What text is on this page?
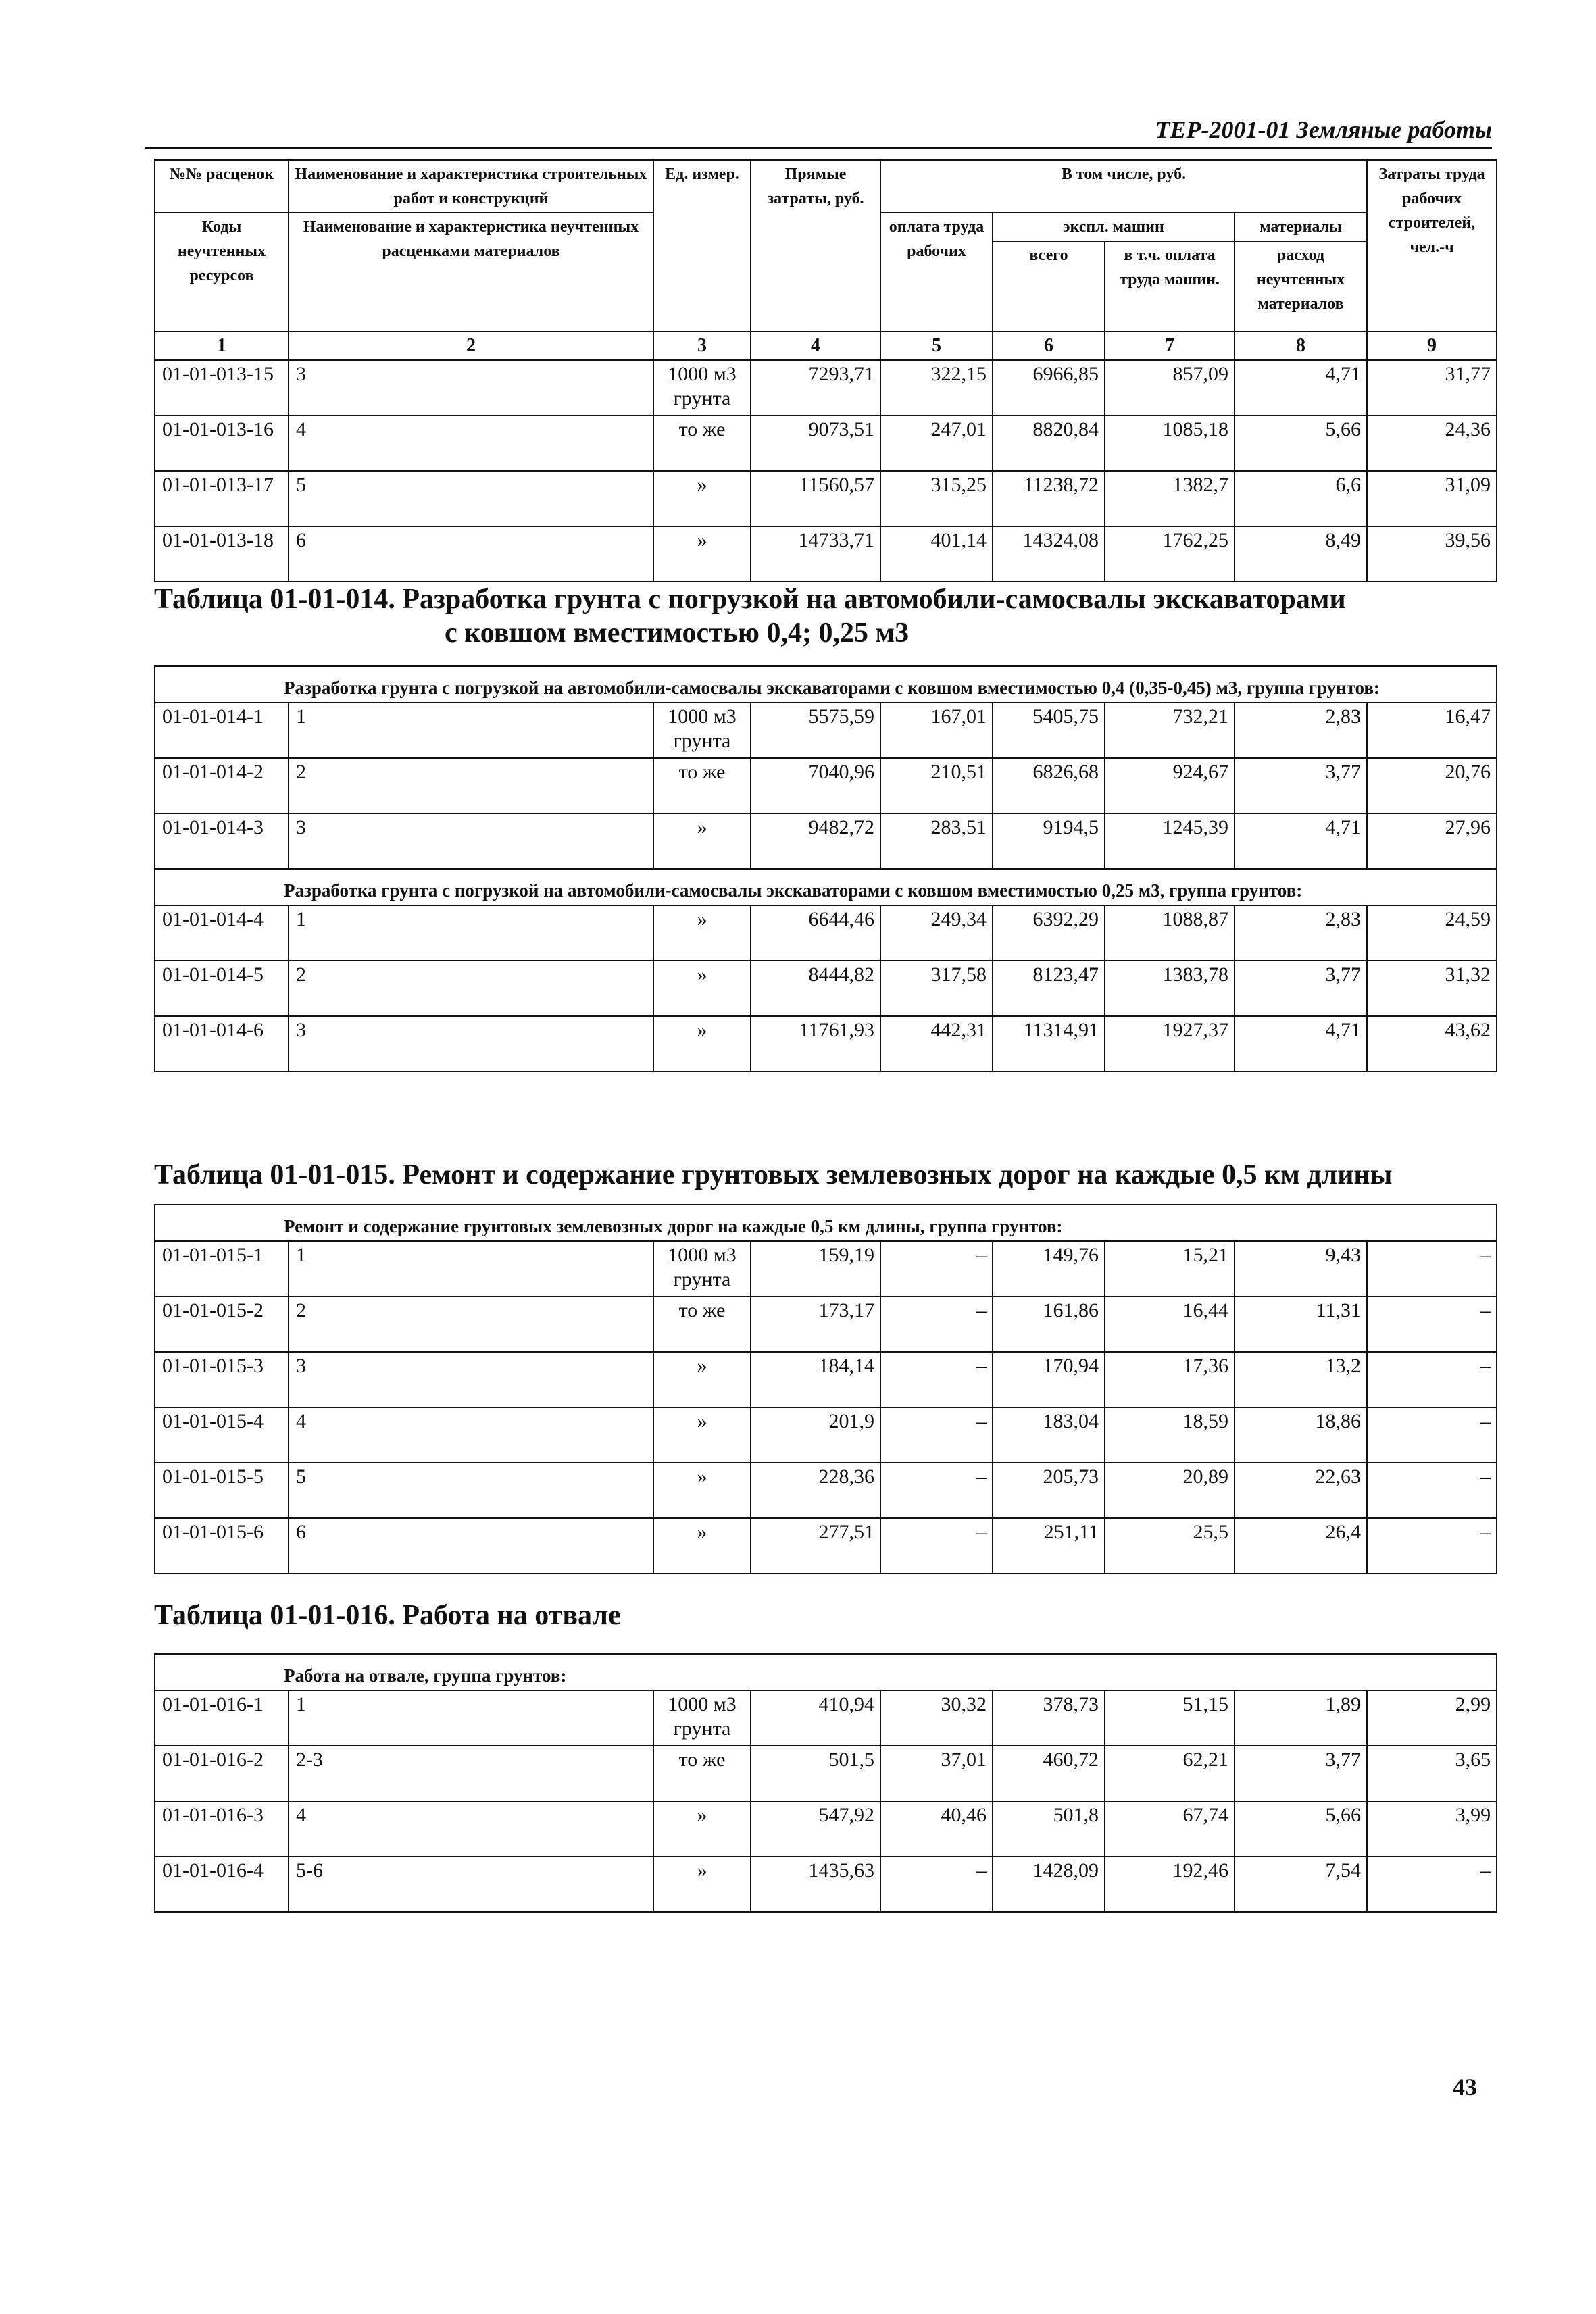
ТЕР-2001-01 Земляные работы
№№ расценок	Наименование и характеристика строительных работ и конструкций	Ед. измер.	Прямые затраты, руб.	В том числе, руб.				Затраты труда рабочих строителей, чел.-ч
Коды неучтенных ресурсов	Наименование и характеристика неучтенных расценками материалов			оплата труда рабочих	экспл. машин		материалы	
					всего	в т.ч. оплата труда машин.	расход неучтенных материалов	

1	2	3	4	5	6	7	8	9
01-01-013-15	3	1000 м3 грунта	7293,71	322,15	6966,85	857,09	4,71	31,77
01-01-013-16	4	то же	9073,51	247,01	8820,84	1085,18	5,66	24,36
01-01-013-17	5	»	11560,57	315,25	11238,72	1382,7	6,6	31,09
01-01-013-18	6	»	14733,71	401,14	14324,08	1762,25	8,49	39,56
Таблица 01-01-014. Разработка грунта с погрузкой на автомобили-самосвалы экскаваторами
с ковшом вместимостью 0,4; 0,25 м3
Разработка грунта с погрузкой на автомобили-самосвалы экскаваторами с ковшом вместимостью 0,4 (0,35-0,45) м3, группа грунтов:								
01-01-014-1	1	1000 м3 грунта	5575,59	167,01	5405,75	732,21	2,83	16,47
01-01-014-2	2	то же	7040,96	210,51	6826,68	924,67	3,77	20,76
01-01-014-3	3	»	9482,72	283,51	9194,5	1245,39	4,71	27,96
Разработка грунта с погрузкой на автомобили-самосвалы экскаваторами с ковшом вместимостью 0,25 м3, группа грунтов:								
01-01-014-4	1	»	6644,46	249,34	6392,29	1088,87	2,83	24,59
01-01-014-5	2	»	8444,82	317,58	8123,47	1383,78	3,77	31,32
01-01-014-6	3	»	11761,93	442,31	11314,91	1927,37	4,71	43,62
Таблица 01-01-015. Ремонт и содержание грунтовых землевозных дорог на каждые 0,5 км длины
Ремонт и содержание грунтовых землевозных дорог на каждые 0,5 км длины, группа грунтов:								
01-01-015-1	1	1000 м3 грунта	159,19	–	149,76	15,21	9,43	–
01-01-015-2	2	то же	173,17	–	161,86	16,44	11,31	–
01-01-015-3	3	»	184,14	–	170,94	17,36	13,2	–
01-01-015-4	4	»	201,9	–	183,04	18,59	18,86	–
01-01-015-5	5	»	228,36	–	205,73	20,89	22,63	–
01-01-015-6	6	»	277,51	–	251,11	25,5	26,4	–
Таблица 01-01-016. Работа на отвале
Работа на отвале, группа грунтов:								
01-01-016-1	1	1000 м3 грунта	410,94	30,32	378,73	51,15	1,89	2,99
01-01-016-2	2-3	то же	501,5	37,01	460,72	62,21	3,77	3,65
01-01-016-3	4	»	547,92	40,46	501,8	67,74	5,66	3,99
01-01-016-4	5-6	»	1435,63	–	1428,09	192,46	7,54	–
43
